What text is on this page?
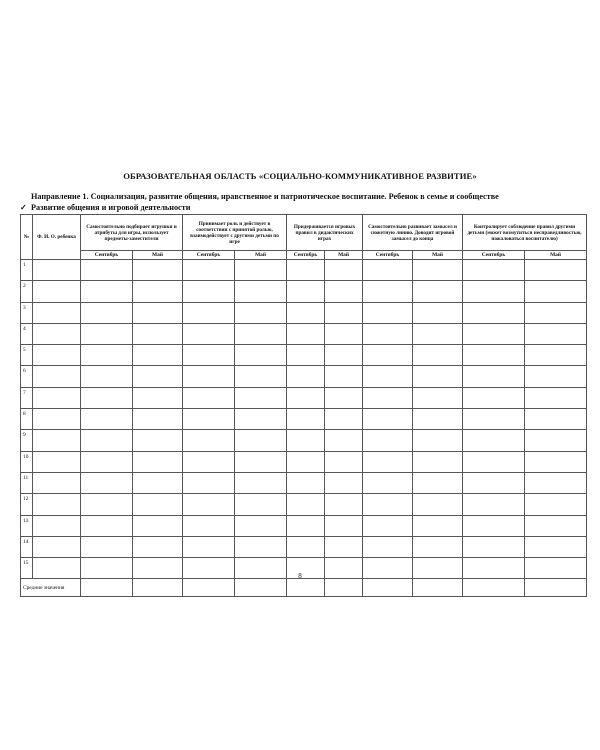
ОБРАЗОВАТЕЛЬНАЯ ОБЛАСТЬ «СОЦИАЛЬНО-КОММУНИКАТИВНОЕ РАЗВИТИЕ»
Направление 1. Социализация, развитие общения, нравственное и патриотическое воспитание. Ребенок в семье и сообществе
✓ Развитие общения и игровой деятельности
№	Ф. И. О. ребенка	Самостоятельно подбирает игрушки и атрибуты для игры, использует предметы-заместители		Принимает роль и действует в соответствии с принятой ролью, взаимодействует с другими детьми по игре		Придерживается игровых правил в дидактических играх		Самостоятельно развивает замысел и сюжетную линию. Доводит игровой замысел до конца		Контролирует соблюдение правил другими детьми (может возмутиться несправедливостью, пожаловаться воспитателю)	

		Сентябрь	Май	Сентябрь	Май	Сентябрь	Май	Сентябрь	Май	Сентябрь	Май
1											
2											
3											
4											
5											
6											
7											
8											
9											
10											
11											
12											
13											
14											
15											
Средние значения											
8
